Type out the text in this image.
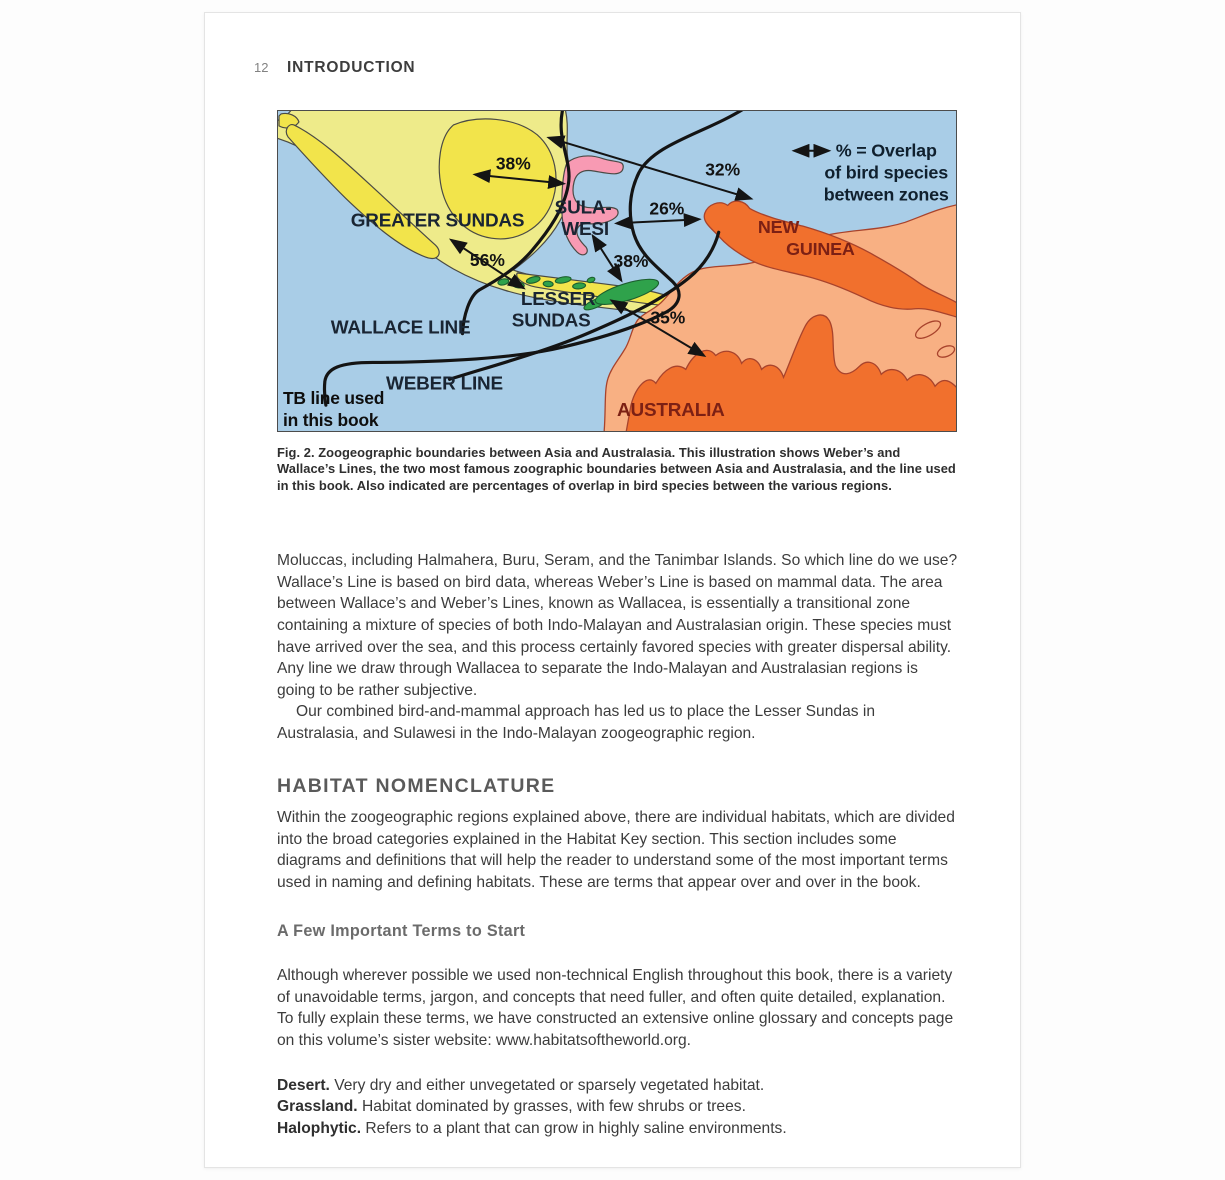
12	INTRODUCTION
38%	32%
26%
56%	38%
35%
GREATER SUNDAS
SULA-
WESI
LESSER
SUNDAS
NEW
GUINEA
AUSTRALIA
WALLACE LINE
WEBER LINE
TB line used
in this book
% = Overlap
of bird species
between zones
Fig. 2. Zoogeographic boundaries between Asia and Australasia. This illustration shows Weber’s and Wallace’s Lines, the two most famous zoographic boundaries between Asia and Australasia, and the line used in this book. Also indicated are percentages of overlap in bird species between the various regions.

Moluccas, including Halmahera, Buru, Seram, and the Tanimbar Islands. So which line do we use? Wallace’s Line is based on bird data, whereas Weber’s Line is based on mammal data. The area between Wallace’s and Weber’s Lines, known as Wallacea, is essentially a transitional zone containing a mixture of species of both Indo-Malayan and Australasian origin. These species must have arrived over the sea, and this process certainly favored species with greater dispersal ability. Any line we draw through Wallacea to separate the Indo-Malayan and Australasian regions is going to be rather subjective.

Our combined bird-and-mammal approach has led us to place the Lesser Sundas in Australasia, and Sulawesi in the Indo-Malayan zoogeographic region.

HABITAT NOMENCLATURE

Within the zoogeographic regions explained above, there are individual habitats, which are divided into the broad categories explained in the Habitat Key section. This section includes some diagrams and definitions that will help the reader to understand some of the most important terms used in naming and defining habitats. These are terms that appear over and over in the book.

A Few Important Terms to Start

Although wherever possible we used non-technical English throughout this book, there is a variety of unavoidable terms, jargon, and concepts that need fuller, and often quite detailed, explanation. To fully explain these terms, we have constructed an extensive online glossary and concepts page on this volume’s sister website: www.habitatsoftheworld.org.

Desert. Very dry and either unvegetated or sparsely vegetated habitat.

Grassland. Habitat dominated by grasses, with few shrubs or trees.

Halophytic. Refers to a plant that can grow in highly saline environments.
